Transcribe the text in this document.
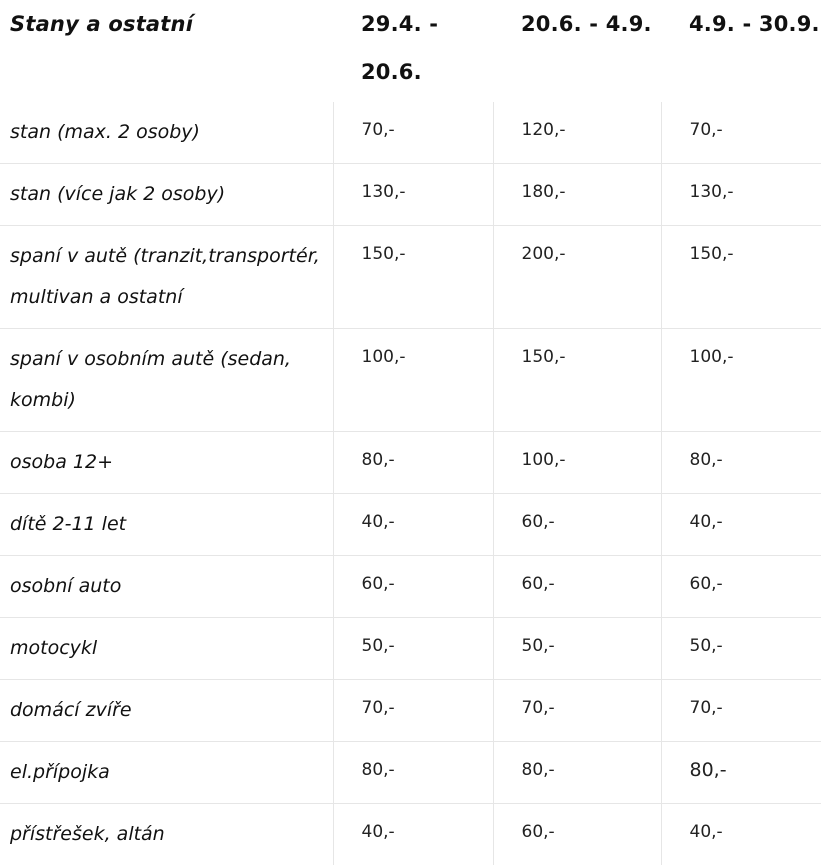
Stany a ostatní	29.4. - 20.6.	20.6. - 4.9.	4.9. - 30.9.
stan (max. 2 osoby)	70,-	120,-	70,-
stan (více jak 2 osoby)	130,-	180,-	130,-
spaní v autě (tranzit,transportér, multivan a ostatní	150,-	200,-	150,-
spaní v osobním autě (sedan, kombi)	100,-	150,-	100,-
osoba 12+	80,-	100,-	80,-
dítě 2-11 let	40,-	60,-	40,-
osobní auto	60,-	60,-	60,-
motocykl	50,-	50,-	50,-
domácí zvíře	70,-	70,-	70,-
el.přípojka	80,-	80,-	80,-
přístřešek, altán	40,-	60,-	40,-
